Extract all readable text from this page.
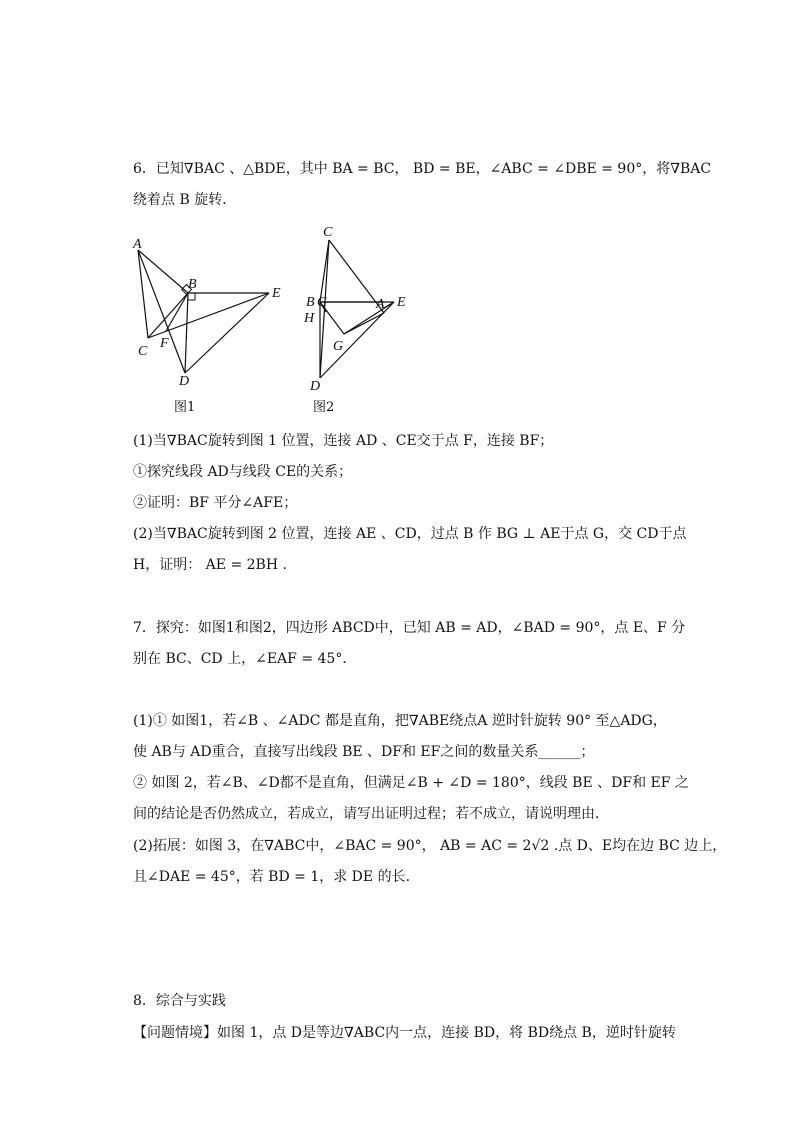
6．已知∇BAC 、△BDE，其中 BA = BC， BD = BE，∠ABC = ∠DBE = 90°，将∇BAC
绕着点 B 旋转．
A
B
E
C
F
D
图1
C
B G
H
A E
G
D
图2
(1)当∇BAC旋转到图 1 位置，连接 AD 、CE交于点 F，连接 BF；
①探究线段 AD与线段 CE的关系；
②证明：BF 平分∠AFE；
(2)当∇BAC旋转到图 2 位置，连接 AE 、CD，过点 B 作 BG ⊥ AE于点 G，交 CD于点
H，证明： AE = 2BH .
7．探究：如图1和图2，四边形 ABCD中，已知 AB = AD，∠BAD = 90°，点 E、F 分
别在 BC、CD 上，∠EAF = 45°．
(1)① 如图1，若∠B 、∠ADC 都是直角，把∇ABE绕点A 逆时针旋转 90° 至△ADG，
使 AB与 AD重合，直接写出线段 BE 、DF和 EF之间的数量关系______；
② 如图 2，若∠B、∠D都不是直角，但满足∠B + ∠D = 180°，线段 BE 、DF和 EF 之
间的结论是否仍然成立，若成立，请写出证明过程；若不成立，请说明理由．
(2)拓展：如图 3，在∇ABC中，∠BAC = 90°， AB = AC = 2√2 .点 D、E均在边 BC 边上，
且∠DAE = 45°，若 BD = 1，求 DE 的长．
8．综合与实践
【问题情境】如图 1，点 D是等边∇ABC内一点，连接 BD，将 BD绕点 B，逆时针旋转
